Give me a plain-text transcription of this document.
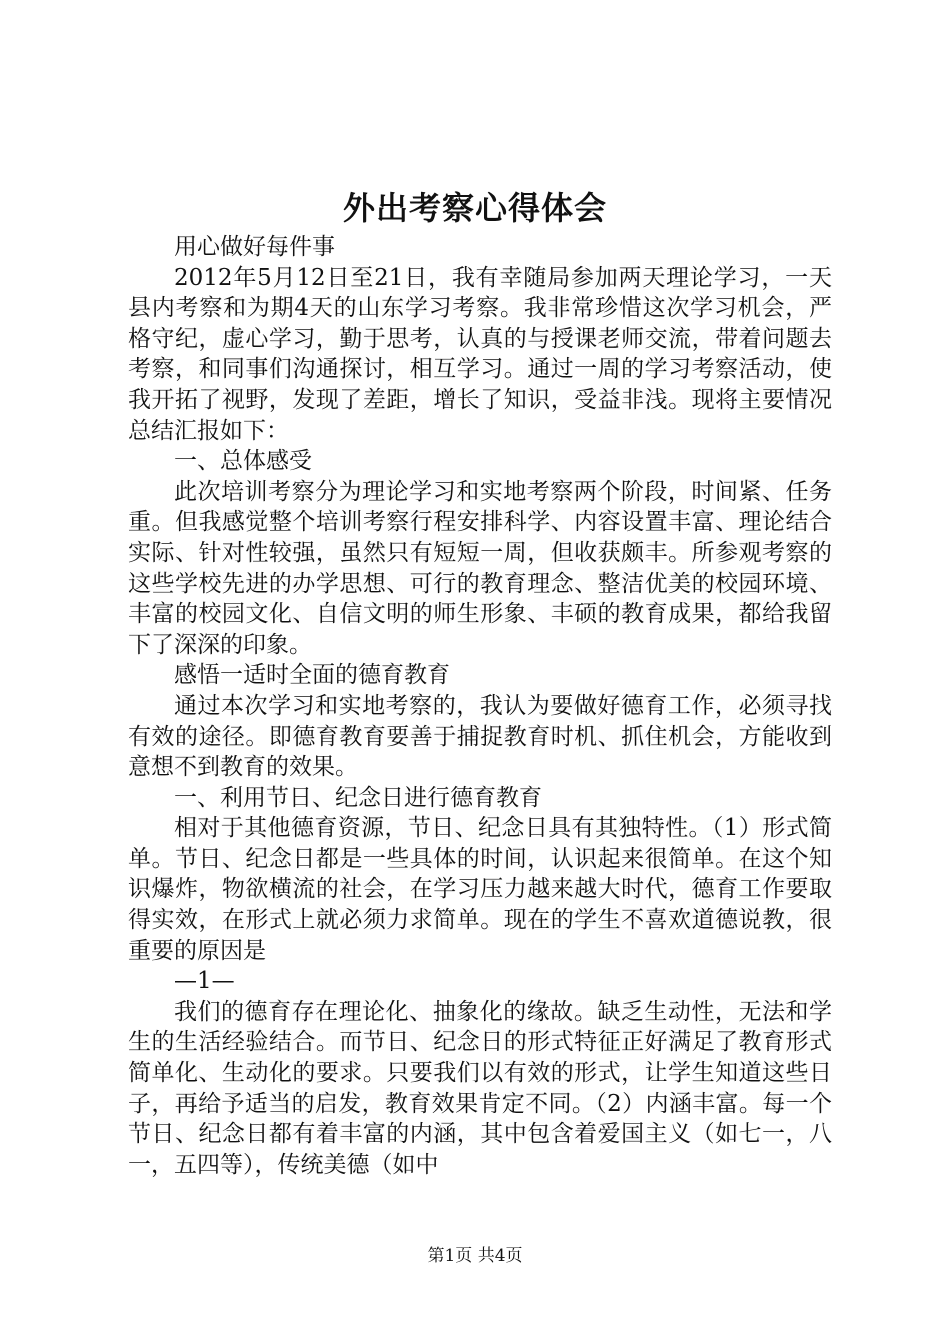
外出考察心得体会

用心做好每件事

2012年5月12日至21日，我有幸随局参加两天理论学习，一天县内考察和为期4天的山东学习考察。我非常珍惜这次学习机会，严格守纪，虚心学习，勤于思考，认真的与授课老师交流，带着问题去考察，和同事们沟通探讨，相互学习。通过一周的学习考察活动，使我开拓了视野，发现了差距，增长了知识，受益非浅。现将主要情况总结汇报如下：

一、总体感受

此次培训考察分为理论学习和实地考察两个阶段，时间紧、任务重。但我感觉整个培训考察行程安排科学、内容设置丰富、理论结合实际、针对性较强，虽然只有短短一周，但收获颇丰。所参观考察的这些学校先进的办学思想、可行的教育理念、整洁优美的校园环境、丰富的校园文化、自信文明的师生形象、丰硕的教育成果，都给我留下了深深的印象。

感悟一适时全面的德育教育

通过本次学习和实地考察的，我认为要做好德育工作，必须寻找有效的途径。即德育教育要善于捕捉教育时机、抓住机会，方能收到意想不到教育的效果。

一、利用节日、纪念日进行德育教育

相对于其他德育资源，节日、纪念日具有其独特性。（1）形式简单。节日、纪念日都是一些具体的时间，认识起来很简单。在这个知识爆炸，物欲横流的社会，在学习压力越来越大时代，德育工作要取得实效，在形式上就必须力求简单。现在的学生不喜欢道德说教，很重要的原因是

—1—

我们的德育存在理论化、抽象化的缘故。缺乏生动性，无法和学生的生活经验结合。而节日、纪念日的形式特征正好满足了教育形式简单化、生动化的要求。只要我们以有效的形式，让学生知道这些日子，再给予适当的启发，教育效果肯定不同。（2）内涵丰富。每一个节日、纪念日都有着丰富的内涵，其中包含着爱国主义（如七一，八一，五四等），传统美德（如中

第1页 共4页
